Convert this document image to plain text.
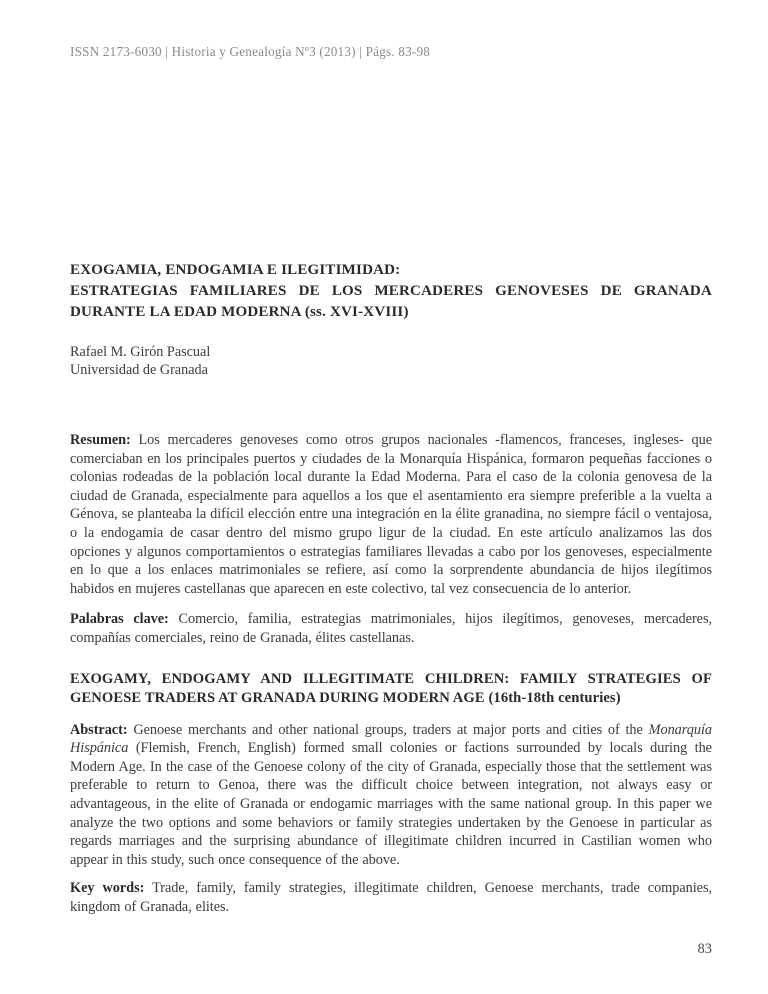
ISSN 2173-6030 | Historia y Genealogía Nº3 (2013) | Págs. 83-98
EXOGAMIA, ENDOGAMIA E ILEGITIMIDAD:
ESTRATEGIAS FAMILIARES DE LOS MERCADERES GENOVESES DE GRANADA DURANTE LA EDAD MODERNA (ss. XVI-XVIII)
Rafael M. Girón Pascual
Universidad de Granada

Resumen: Los mercaderes genoveses como otros grupos nacionales -flamencos, franceses, ingleses- que comerciaban en los principales puertos y ciudades de la Monarquía Hispánica, formaron pequeñas facciones o colonias rodeadas de la población local durante la Edad Moderna. Para el caso de la colonia genovesa de la ciudad de Granada, especialmente para aquellos a los que el asentamiento era siempre preferible a la vuelta a Génova, se planteaba la difícil elección entre una integración en la élite granadina, no siempre fácil o ventajosa, o la endogamia de casar dentro del mismo grupo ligur de la ciudad. En este artículo analizamos las dos opciones y algunos comportamientos o estrategias familiares llevadas a cabo por los genoveses, especialmente en lo que a los enlaces matrimoniales se refiere, así como la sorprendente abundancia de hijos ilegítimos habidos en mujeres castellanas que aparecen en este colectivo, tal vez consecuencia de lo anterior.

Palabras clave: Comercio, familia, estrategias matrimoniales, hijos ilegítimos, genoveses, mercaderes, compañías comerciales, reino de Granada, élites castellanas.

EXOGAMY, ENDOGAMY AND ILLEGITIMATE CHILDREN: FAMILY STRATEGIES OF GENOESE TRADERS AT GRANADA DURING MODERN AGE (16th-18th centuries)

Abstract: Genoese merchants and other national groups, traders at major ports and cities of the Monarquía Hispánica (Flemish, French, English) formed small colonies or factions surrounded by locals during the Modern Age. In the case of the Genoese colony of the city of Granada, especially those that the settlement was preferable to return to Genoa, there was the difficult choice between integration, not always easy or advantageous, in the elite of Granada or endogamic marriages with the same national group. In this paper we analyze the two options and some behaviors or family strategies undertaken by the Genoese in particular as regards marriages and the surprising abundance of illegitimate children incurred in Castilian women who appear in this study, such once consequence of the above.

Key words: Trade, family, family strategies, illegitimate children, Genoese merchants, trade companies, kingdom of Granada, elites.

83
